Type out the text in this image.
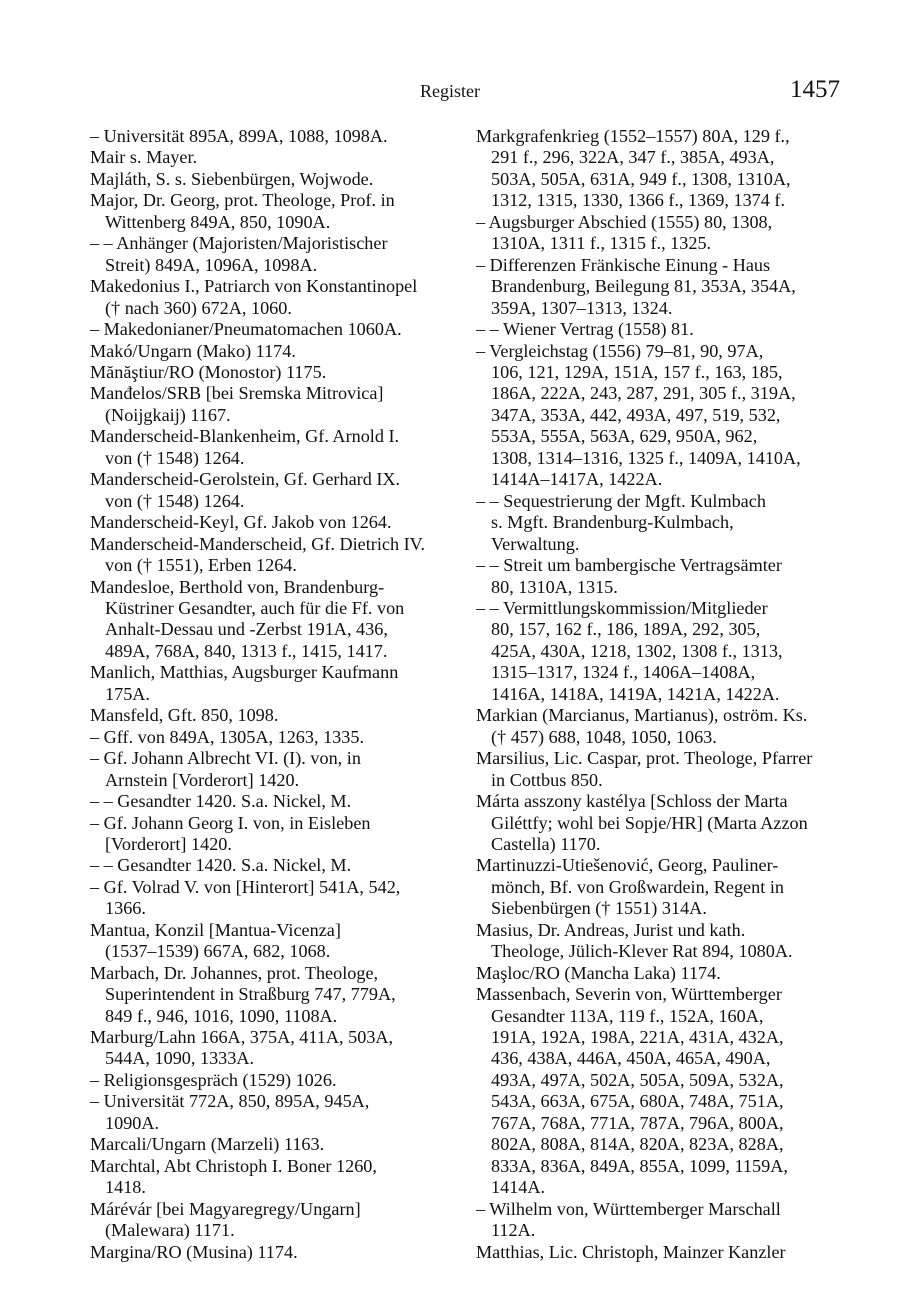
Register	1457
– Universität 895A, 899A, 1088, 1098A.
Mair s. Mayer.
Majláth, S. s. Siebenbürgen, Wojwode.
Major, Dr. Georg, prot. Theologe, Prof. in
Wittenberg 849A, 850, 1090A.
– – Anhänger (Majoristen/Majoristischer
Streit) 849A, 1096A, 1098A.
Makedonius I., Patriarch von Konstantinopel
(† nach 360) 672A, 1060.
– Makedonianer/Pneumatomachen 1060A.
Makó/Ungarn (Mako) 1174.
Mănăştiur/RO (Monostor) 1175.
Manđelos/SRB [bei Sremska Mitrovica]
(Noijgkaij) 1167.
Manderscheid-Blankenheim, Gf. Arnold I.
von († 1548) 1264.
Manderscheid-Gerolstein, Gf. Gerhard IX.
von († 1548) 1264.
Manderscheid-Keyl, Gf. Jakob von 1264.
Manderscheid-Manderscheid, Gf. Dietrich IV.
von († 1551), Erben 1264.
Mandesloe, Berthold von, Brandenburg-
Küstriner Gesandter, auch für die Ff. von
Anhalt-Dessau und -Zerbst 191A, 436,
489A, 768A, 840, 1313 f., 1415, 1417.
Manlich, Matthias, Augsburger Kaufmann
175A.
Mansfeld, Gft. 850, 1098.
– Gff. von 849A, 1305A, 1263, 1335.
– Gf. Johann Albrecht VI. (I). von, in
Arnstein [Vorderort] 1420.
– – Gesandter 1420. S.a. Nickel, M.
– Gf. Johann Georg I. von, in Eisleben
[Vorderort] 1420.
– – Gesandter 1420. S.a. Nickel, M.
– Gf. Volrad V. von [Hinterort] 541A, 542,
1366.
Mantua, Konzil [Mantua-Vicenza]
(1537–1539) 667A, 682, 1068.
Marbach, Dr. Johannes, prot. Theologe,
Superintendent in Straßburg 747, 779A,
849 f., 946, 1016, 1090, 1108A.
Marburg/Lahn 166A, 375A, 411A, 503A,
544A, 1090, 1333A.
– Religionsgespräch (1529) 1026.
– Universität 772A, 850, 895A, 945A,
1090A.
Marcali/Ungarn (Marzeli) 1163.
Marchtal, Abt Christoph I. Boner 1260,
1418.
Márévár [bei Magyaregregy/Ungarn]
(Malewara) 1171.
Margina/RO (Musina) 1174.
Markgrafenkrieg (1552–1557) 80A, 129 f.,
291 f., 296, 322A, 347 f., 385A, 493A,
503A, 505A, 631A, 949 f., 1308, 1310A,
1312, 1315, 1330, 1366 f., 1369, 1374 f.
– Augsburger Abschied (1555) 80, 1308,
1310A, 1311 f., 1315 f., 1325.
– Differenzen Fränkische Einung - Haus
Brandenburg, Beilegung 81, 353A, 354A,
359A, 1307–1313, 1324.
– – Wiener Vertrag (1558) 81.
– Vergleichstag (1556) 79–81, 90, 97A,
106, 121, 129A, 151A, 157 f., 163, 185,
186A, 222A, 243, 287, 291, 305 f., 319A,
347A, 353A, 442, 493A, 497, 519, 532,
553A, 555A, 563A, 629, 950A, 962,
1308, 1314–1316, 1325 f., 1409A, 1410A,
1414A–1417A, 1422A.
– – Sequestrierung der Mgft. Kulmbach
s. Mgft. Brandenburg-Kulmbach,
Verwaltung.
– – Streit um bambergische Vertragsämter
80, 1310A, 1315.
– – Vermittlungskommission/Mitglieder
80, 157, 162 f., 186, 189A, 292, 305,
425A, 430A, 1218, 1302, 1308 f., 1313,
1315–1317, 1324 f., 1406A–1408A,
1416A, 1418A, 1419A, 1421A, 1422A.
Markian (Marcianus, Martianus), oström. Ks.
(† 457) 688, 1048, 1050, 1063.
Marsilius, Lic. Caspar, prot. Theologe, Pfarrer
in Cottbus 850.
Márta asszony kastélya [Schloss der Marta
Giléttfy; wohl bei Sopje/HR] (Marta Azzon
Castella) 1170.
Martinuzzi-Utiešenović, Georg, Pauliner-
mönch, Bf. von Großwardein, Regent in
Siebenbürgen († 1551) 314A.
Masius, Dr. Andreas, Jurist und kath.
Theologe, Jülich-Klever Rat 894, 1080A.
Maşloc/RO (Mancha Laka) 1174.
Massenbach, Severin von, Württemberger
Gesandter 113A, 119 f., 152A, 160A,
191A, 192A, 198A, 221A, 431A, 432A,
436, 438A, 446A, 450A, 465A, 490A,
493A, 497A, 502A, 505A, 509A, 532A,
543A, 663A, 675A, 680A, 748A, 751A,
767A, 768A, 771A, 787A, 796A, 800A,
802A, 808A, 814A, 820A, 823A, 828A,
833A, 836A, 849A, 855A, 1099, 1159A,
1414A.
– Wilhelm von, Württemberger Marschall
112A.
Matthias, Lic. Christoph, Mainzer Kanzler
